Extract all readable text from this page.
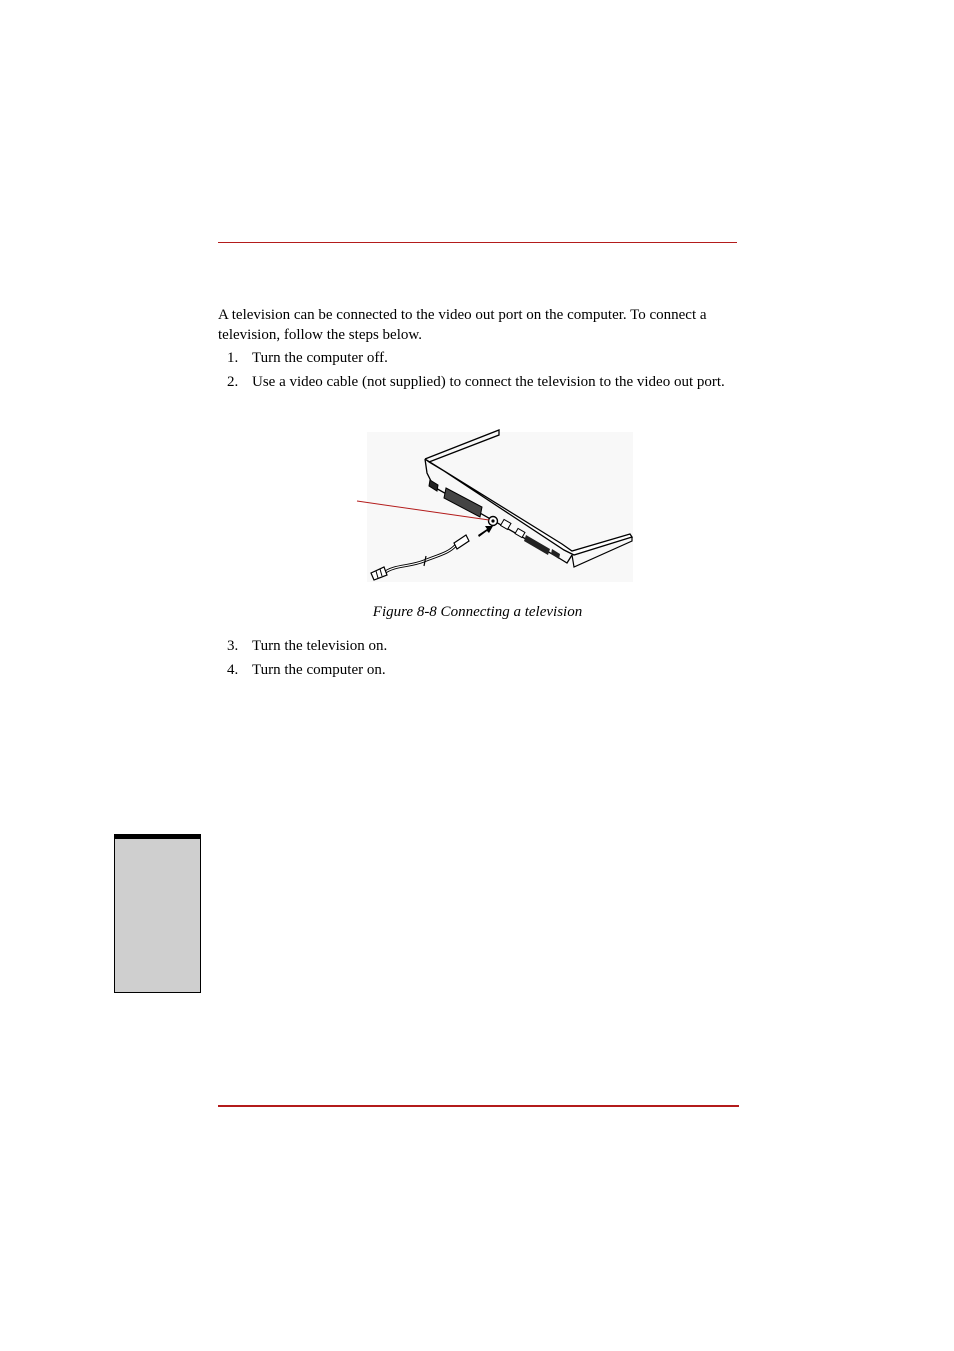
A television can be connected to the video out port on the computer. To connect a television, follow the steps below.

1. Turn the computer off.
2. Use a video cable (not supplied) to connect the television to the video out port.
Figure 8-8 Connecting a television
3. Turn the television on.
4. Turn the computer on.
